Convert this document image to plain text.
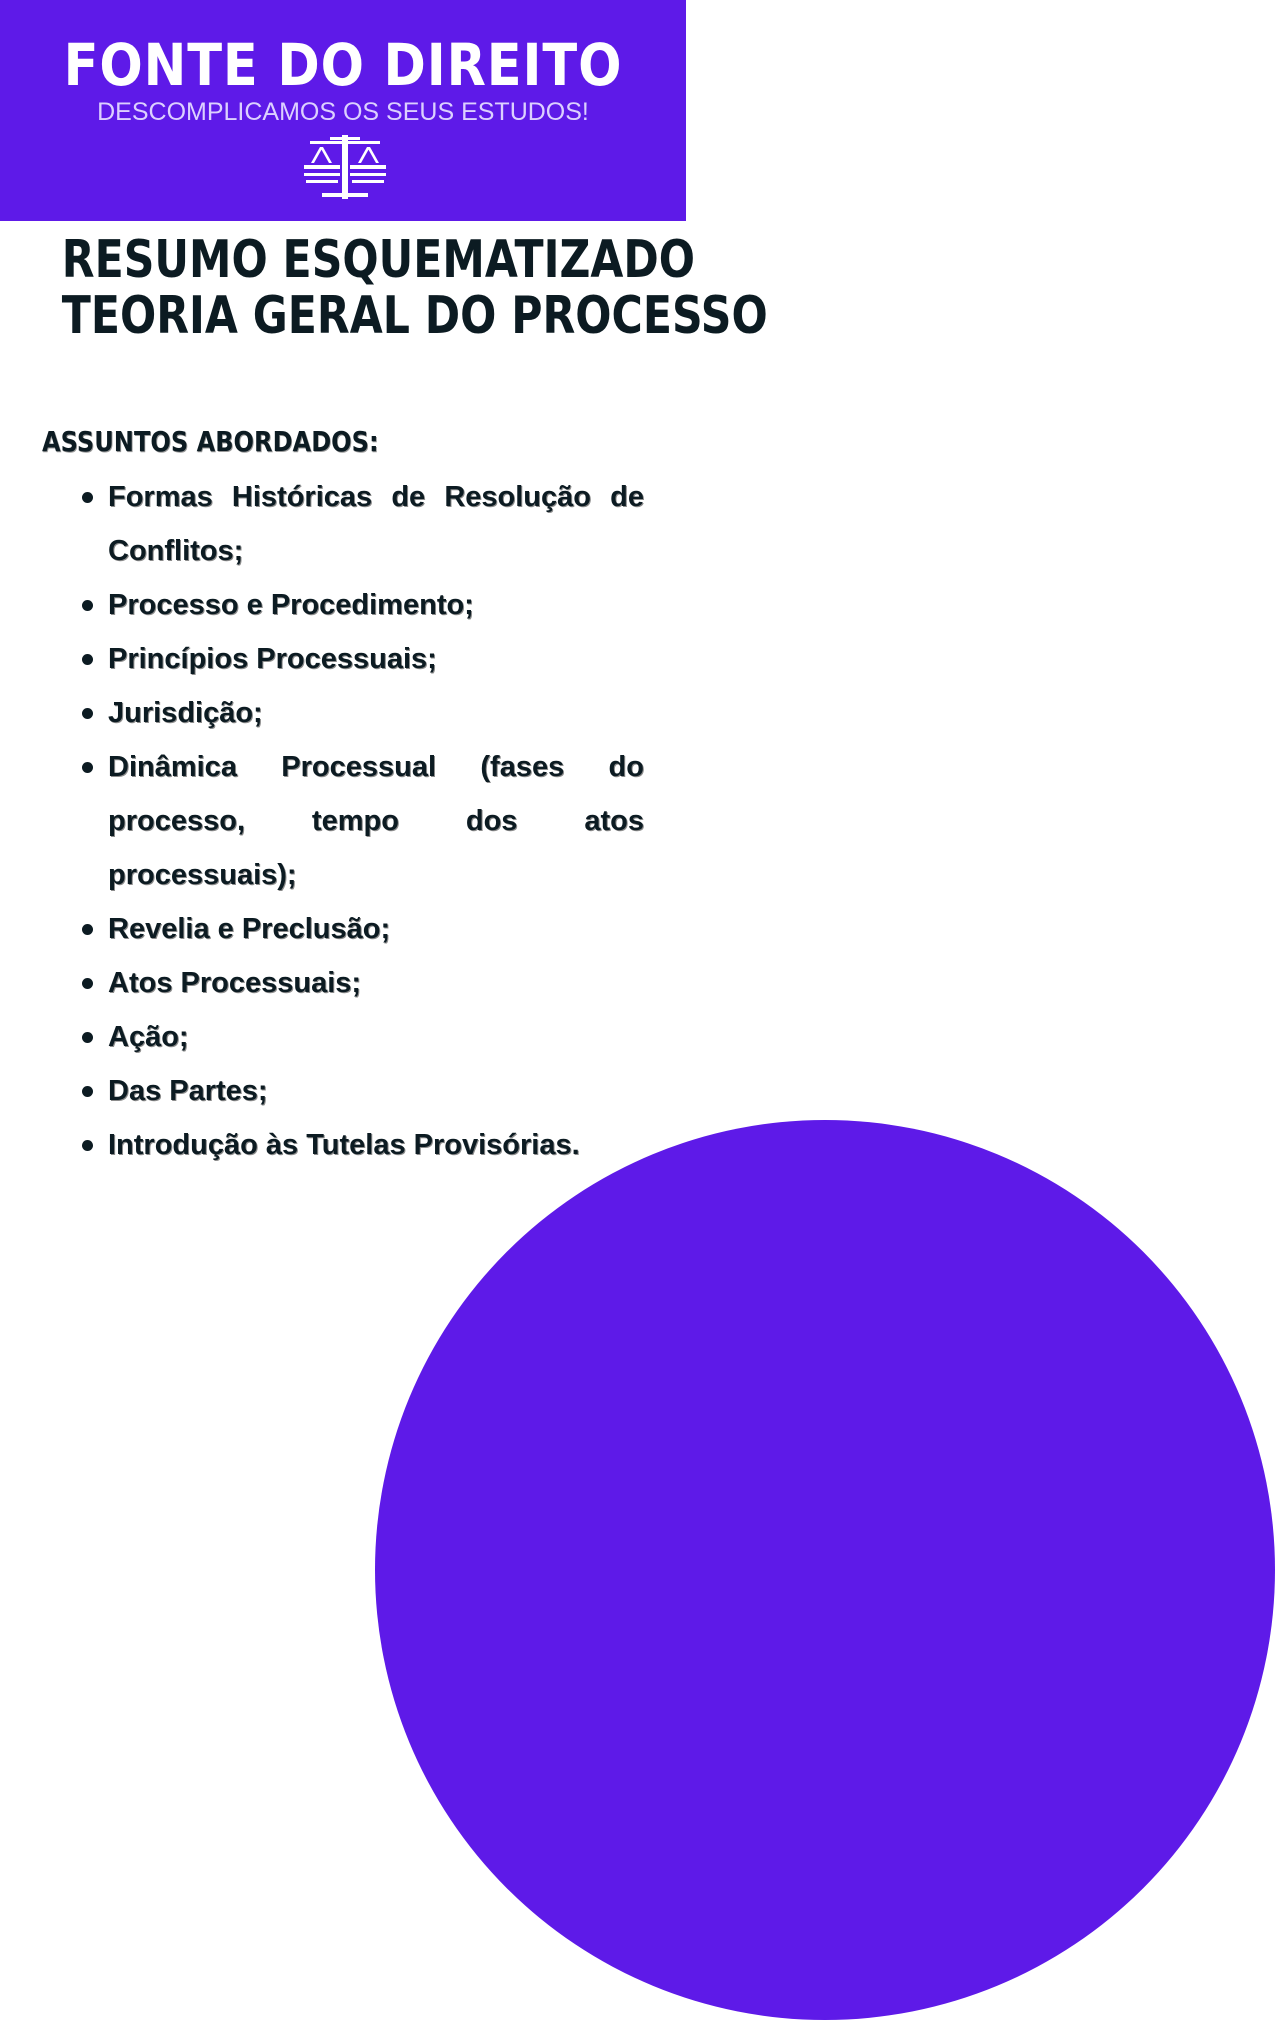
FONTE DO DIREITO
DESCOMPLICAMOS OS SEUS ESTUDOS!
RESUMO ESQUEMATIZADO
TEORIA GERAL DO PROCESSO
ASSUNTOS ABORDADOS:
Formas Históricas de Resolução de Conflitos;
Processo e Procedimento;
Princípios Processuais;
Jurisdição;
Dinâmica Processual (fases do processo, tempo dos atos processuais);
Revelia e Preclusão;
Atos Processuais;
Ação;
Das Partes;
Introdução às Tutelas Provisórias.
